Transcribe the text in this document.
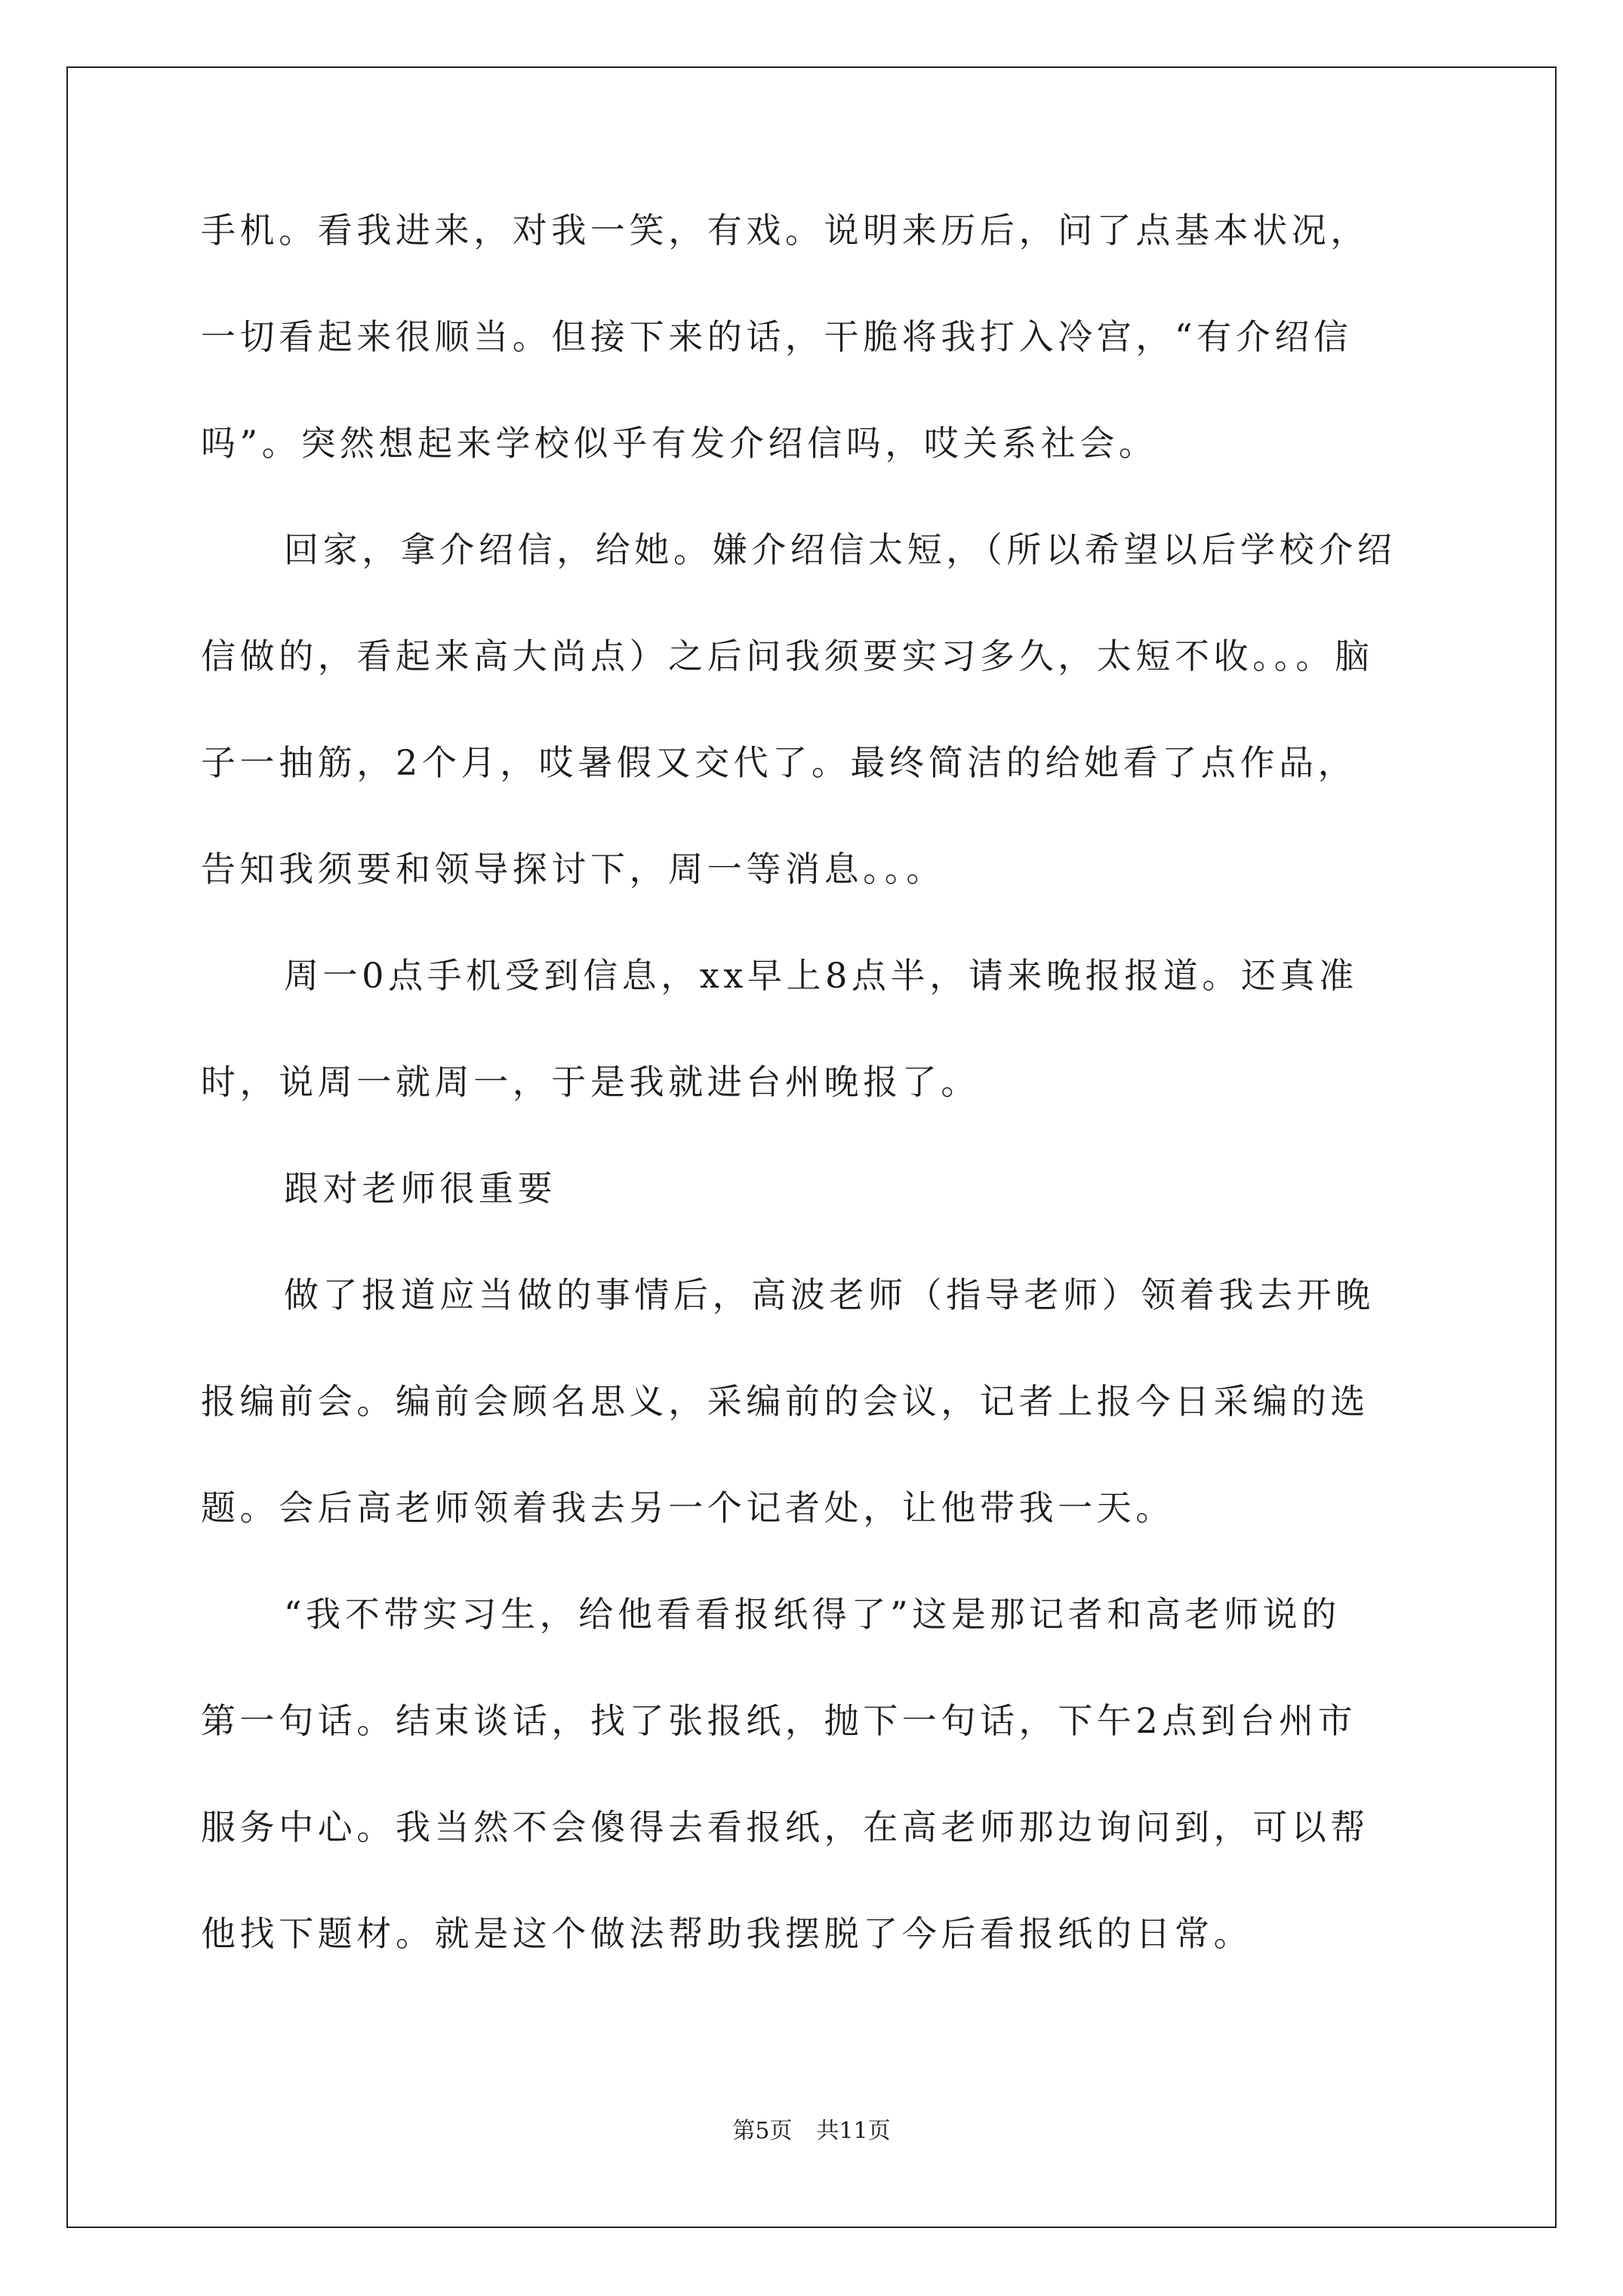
手机。看我进来，对我一笑，有戏。说明来历后，问了点基本状况，
一切看起来很顺当。但接下来的话，干脆将我打入冷宫，“有介绍信
吗”。突然想起来学校似乎有发介绍信吗，哎关系社会。
回家，拿介绍信，给她。嫌介绍信太短，（所以希望以后学校介绍
信做的，看起来高大尚点）之后问我须要实习多久，太短不收。。。脑
子一抽筋，2个月，哎暑假又交代了。最终简洁的给她看了点作品，
告知我须要和领导探讨下，周一等消息。。。
周一0点手机受到信息，xx早上8点半，请来晚报报道。还真准
时，说周一就周一，于是我就进台州晚报了。
跟对老师很重要
做了报道应当做的事情后，高波老师（指导老师）领着我去开晚
报编前会。编前会顾名思义，采编前的会议，记者上报今日采编的选
题。会后高老师领着我去另一个记者处，让他带我一天。
“我不带实习生，给他看看报纸得了”这是那记者和高老师说的
第一句话。结束谈话，找了张报纸，抛下一句话，下午2点到台州市
服务中心。我当然不会傻得去看报纸，在高老师那边询问到，可以帮
他找下题材。就是这个做法帮助我摆脱了今后看报纸的日常。
第5页 共11页
